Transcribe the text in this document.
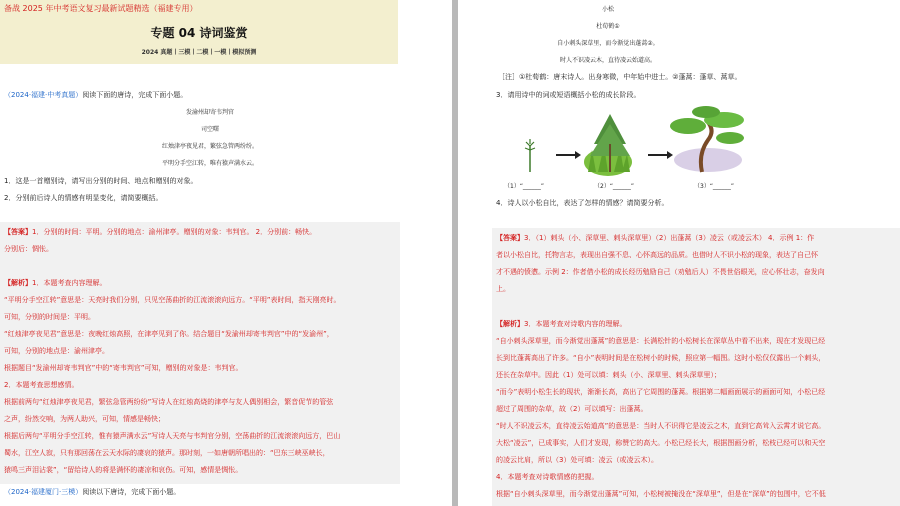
备战 2025 年中考语文复习最新试题精选（福建专用）
专题 04 诗词鉴赏
2024 真题丨三模丨二模丨一模丨模拟预测
（2024·福建·中考真题）阅读下面的唐诗，完成下面小题。
发渝州却寄韦判官
司空曙
红烛津亭夜见君，繁弦急管两纷纷。
平明分手空江转，唯有猿声满水云。
1．这是一首赠别诗，请写出分别的时间、地点和赠别的对象。
2．分别前后诗人的情感有明显变化，请简要概括。
【答案】1．分别的时间：平明。分别的地点：渝州津亭。赠别的对象：韦判官。 2．分别前：畅快。
分别后：惆怅。
【解析】1．本题考查内容理解。
“平明分手空江转”意思是：天亮时我们分别，只见空荡曲折的江流滚滚向远方。“平明”表时间，指天刚亮时。
可知，分别的时间是：平明。
“红烛津亭夜见君”意思是：夜晚红烛高照，在津亭见到了你。结合题目“发渝州却寄韦判官”中的“发渝州”，
可知，分别的地点是：渝州津亭。
根据题目“发渝州却寄韦判官”中的“寄韦判官”可知，赠别的对象是：韦判官。
2．本题考查思想感情。
根据前两句“红烛津亭夜见君，繁弦急管两纷纷”写诗人在红烛高烧的津亭与友人偶别相会，繁音促节的管弦
之声，纷然交响，为两人助兴，可知，情感是畅快；
根据后两句“平明分手空江转，惟有猿声满水云”写诗人天亮与韦判官分别，空荡曲折的江流滚滚向远方，巴山
蜀水，江空人寂，只有那回荡在云天水际的凄哀的猿声。那时刻，一如唐朝所唱出的：“巴东三峡巫峡长，
猿鸣三声泪沾裳”，“留给诗人的将是满怀的凄凉和哀伤。可知，感情是惆怅。
（2024·福建厦门·三模）阅读以下唐诗，完成下面小题。
小松
杜荀鹤①
自小刺头深草里，而今渐觉出蓬蒿②。
时人不识凌云木，直待凌云始道高。
［注］①杜荀鹤：唐末诗人。出身寒微，中年始中进士。②蓬蒿：蓬草、蒿草。
3．请用诗中的词或短语概括小松的成长阶段。
（1）“______”	（2）“______”	（3）“______”
4．诗人以小松自比，表达了怎样的情感？请简要分析。
【答案】3．（1）刺头（小、深草里、刺头深草里）（2）出蓬蒿（3）凌云（或凌云木） 4．示例 1：作
者以小松自比，托物言志，表现出自强不息、心怀高远的品质。也借时人不识小松的现象，表达了自己怀
才不遇的愤懑。示例 2：作者借小松的成长经历勉励自己（劝勉后人）不畏世俗眼光，应心怀壮志，奋发向
上。
【解析】3．本题考查对诗歌内容的理解。
“自小刺头深草里，而今渐觉出蓬蒿”的意思是：长满松针的小松树长在深草丛中看不出来，现在才发现已经
长到比蓬蒿高出了许多。“自小”表明时间是在松树小的时候，照应第一幅图。这时小松仅仅露出一个刺头，
还长在杂草中。因此（1）处可以填：刺头（小、深草里、刺头深草里）；
“而今”表明小松生长的现状，渐渐长高，高出了它周围的蓬蒿。根据第二幅画面展示的画面可知，小松已经
超过了周围的杂草，故（2）可以填写：出蓬蒿。
“时人不识凌云木，直待凌云始道高”的意思是：当时人不识得它是凌云之木，直到它高耸入云霄才说它高。
大松“凌云”，已成事实，人们才发现，称赞它的高大。小松已经长大，根据图画分析，松枝已经可以和天空
的凌云比肩，所以（3）处可填：凌云（或凌云木）。
4．本题考查对诗歌情感的把握。
根据“自小刺头深草里，而今渐觉出蓬蒿”可知，小松树被掩没在“深草里”，但是在“深草”的包围中，它不低
